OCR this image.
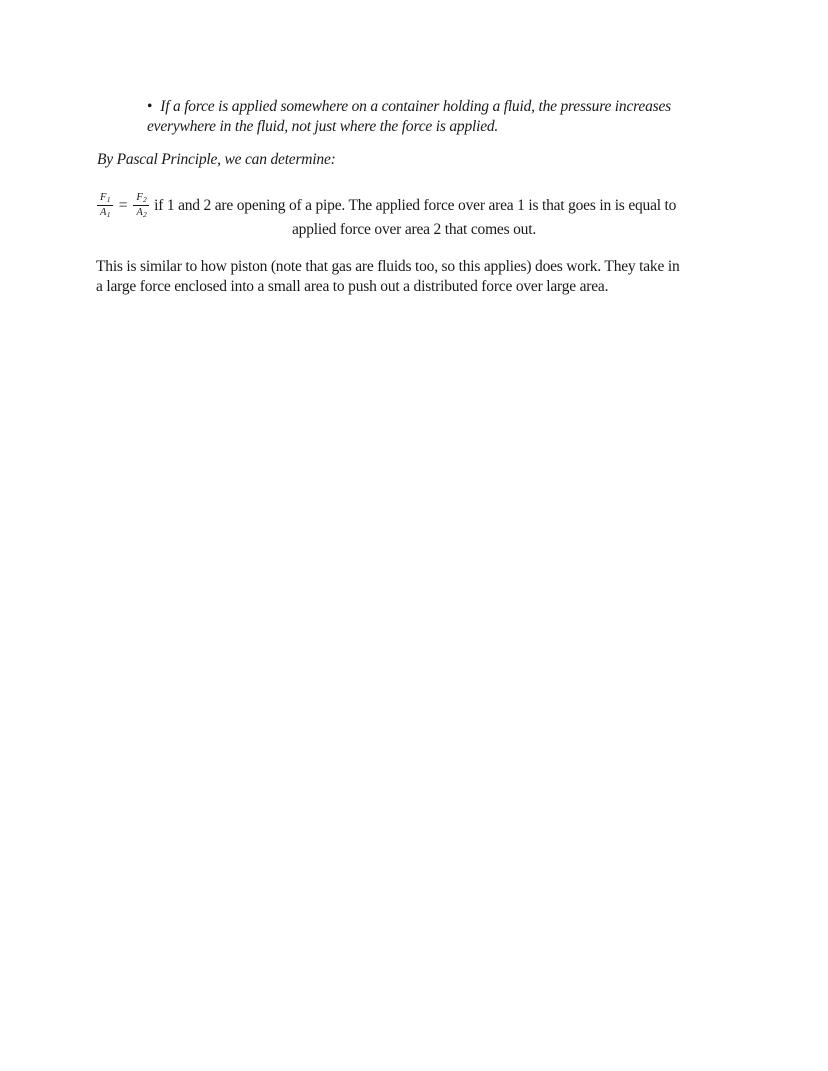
• If a force is applied somewhere on a container holding a fluid, the pressure increases
everywhere in the fluid, not just where the force is applied.
By Pascal Principle, we can determine:
$\frac{F_1}{A_1} = \frac{F_2}{A_2}$ if 1 and 2 are opening of a pipe. The applied force over area 1 is that goes in is equal to
applied force over area 2 that comes out.
This is similar to how piston (note that gas are fluids too, so this applies) does work. They take in
a large force enclosed into a small area to push out a distributed force over large area.
